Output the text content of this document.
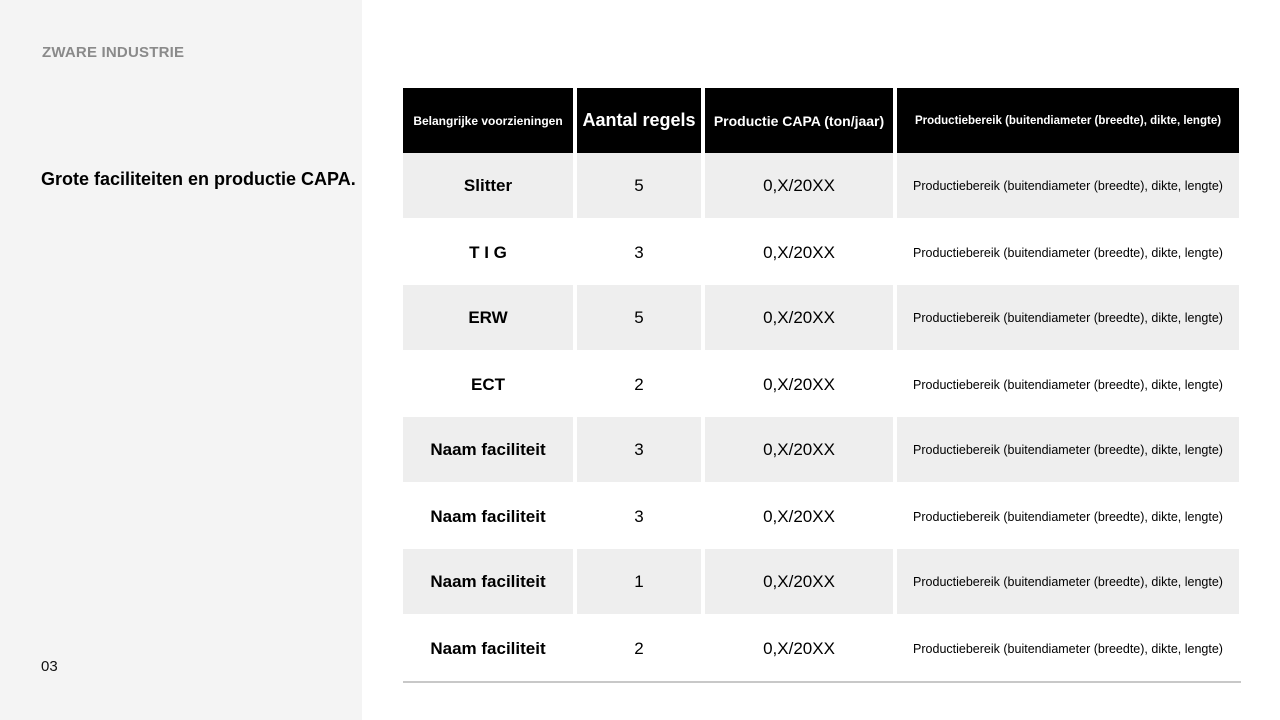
ZWARE INDUSTRIE
Grote faciliteiten en productie CAPA.
03
Belangrijke voorzieningen	Aantal regels	Productie CAPA (ton/jaar)	Productiebereik (buitendiameter (breedte), dikte, lengte)
Slitter	5	0,X/20XX	Productiebereik (buitendiameter (breedte), dikte, lengte)
T I G	3	0,X/20XX	Productiebereik (buitendiameter (breedte), dikte, lengte)
ERW	5	0,X/20XX	Productiebereik (buitendiameter (breedte), dikte, lengte)
ECT	2	0,X/20XX	Productiebereik (buitendiameter (breedte), dikte, lengte)
Naam faciliteit	3	0,X/20XX	Productiebereik (buitendiameter (breedte), dikte, lengte)
Naam faciliteit	3	0,X/20XX	Productiebereik (buitendiameter (breedte), dikte, lengte)
Naam faciliteit	1	0,X/20XX	Productiebereik (buitendiameter (breedte), dikte, lengte)
Naam faciliteit	2	0,X/20XX	Productiebereik (buitendiameter (breedte), dikte, lengte)
